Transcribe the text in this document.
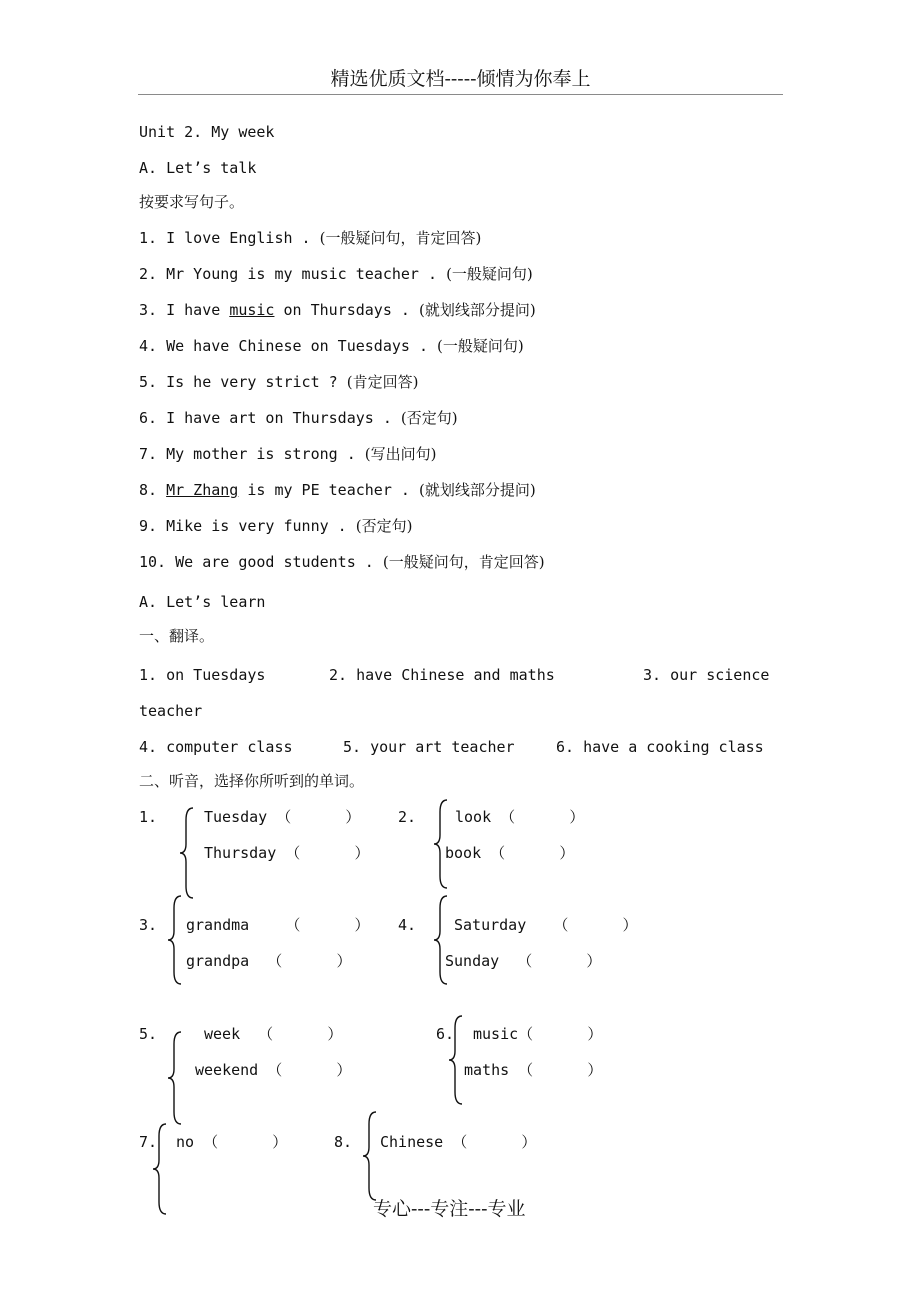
精选优质文档-----倾情为你奉上
Unit 2. My week
A. Let’s talk
按要求写句子。
1. I love English . (一般疑问句，肯定回答)
2. Mr Young is my music teacher . (一般疑问句)
3. I have music on Thursdays . (就划线部分提问)
4. We have Chinese on Tuesdays . (一般疑问句)
5. Is he very strict ? (肯定回答)
6. I have art on Thursdays . (否定句)
7. My mother is strong . (写出问句)
8. Mr Zhang is my PE teacher . (就划线部分提问)
9. Mike is very funny . (否定句)
10. We are good students . (一般疑问句，肯定回答)
A. Let’s learn
一、翻译。
1. on Tuesdays	2. have Chinese and maths	3. our science
teacher
4. computer class	5. your art teacher	6. have a cooking class
二、听音，选择你所听到的单词。
1.	Tuesday （      ）
Thursday （      ）
2.	look （      ）
book （      ）
3. grandma    （      ）
grandpa  （      ）
4.	Saturday   （      ）
Sunday  （      ）
5.	week  （      ）
weekend （      ）
6. music（      ）
maths （      ）
7. no （      ）	8. Chinese （      ）
专心---专注---专业
